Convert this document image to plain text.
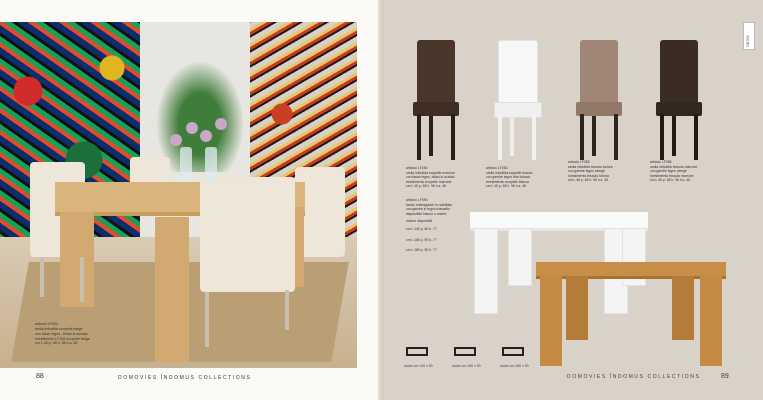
articolo LF263
sedia imbottita ecopelle beige
con fasce legno . telaio in acciaio
rivestimento LF263 ecopelle beige
cm L 45 p. 48 h. 96 h.s. 48
88	DOMOVIES ÎNDOMUS COLLECTIONS
SEDIE
articolo LF254
sedia imbottita ecopelle marrone
con fasce legno. telaio in acciaio
rivestimento ecopelle marrone
cm L 45 p. 48 h. 96 h.s. 48
articolo LF263
sedia imbottita ecopelle bianca
con gambe legno tinto bianco
rivestimento ecopelle bianca
cm L 45 p. 48 h. 96 h.s. 48
articolo LF285
sedia imbottita tessuto tortora
con gambe legno wengè
rivestimento tessuto tortora
cm L 46 p. 48 h. 96 h.s. 48
articolo LF286
sedia imbottita tessuto marrone
con gambe legno wengè
rivestimento tessuto marrone
cm L 46 p. 48 h. 96 h.s. 48
articolo LF090
tavolo rettangolare in nobilitato
con gambe in legno massello
disponibile bianco o rovere
misure disponibili
cm L 140 p. 80 h. 77
cm L 160 p. 90 h. 77
cm L 180 p. 90 h. 77
tavolo cm 140 x 80	tavolo cm 160 x 90	tavolo cm 180 x 90
DOMOVIES ÎNDOMUS COLLECTIONS	89
